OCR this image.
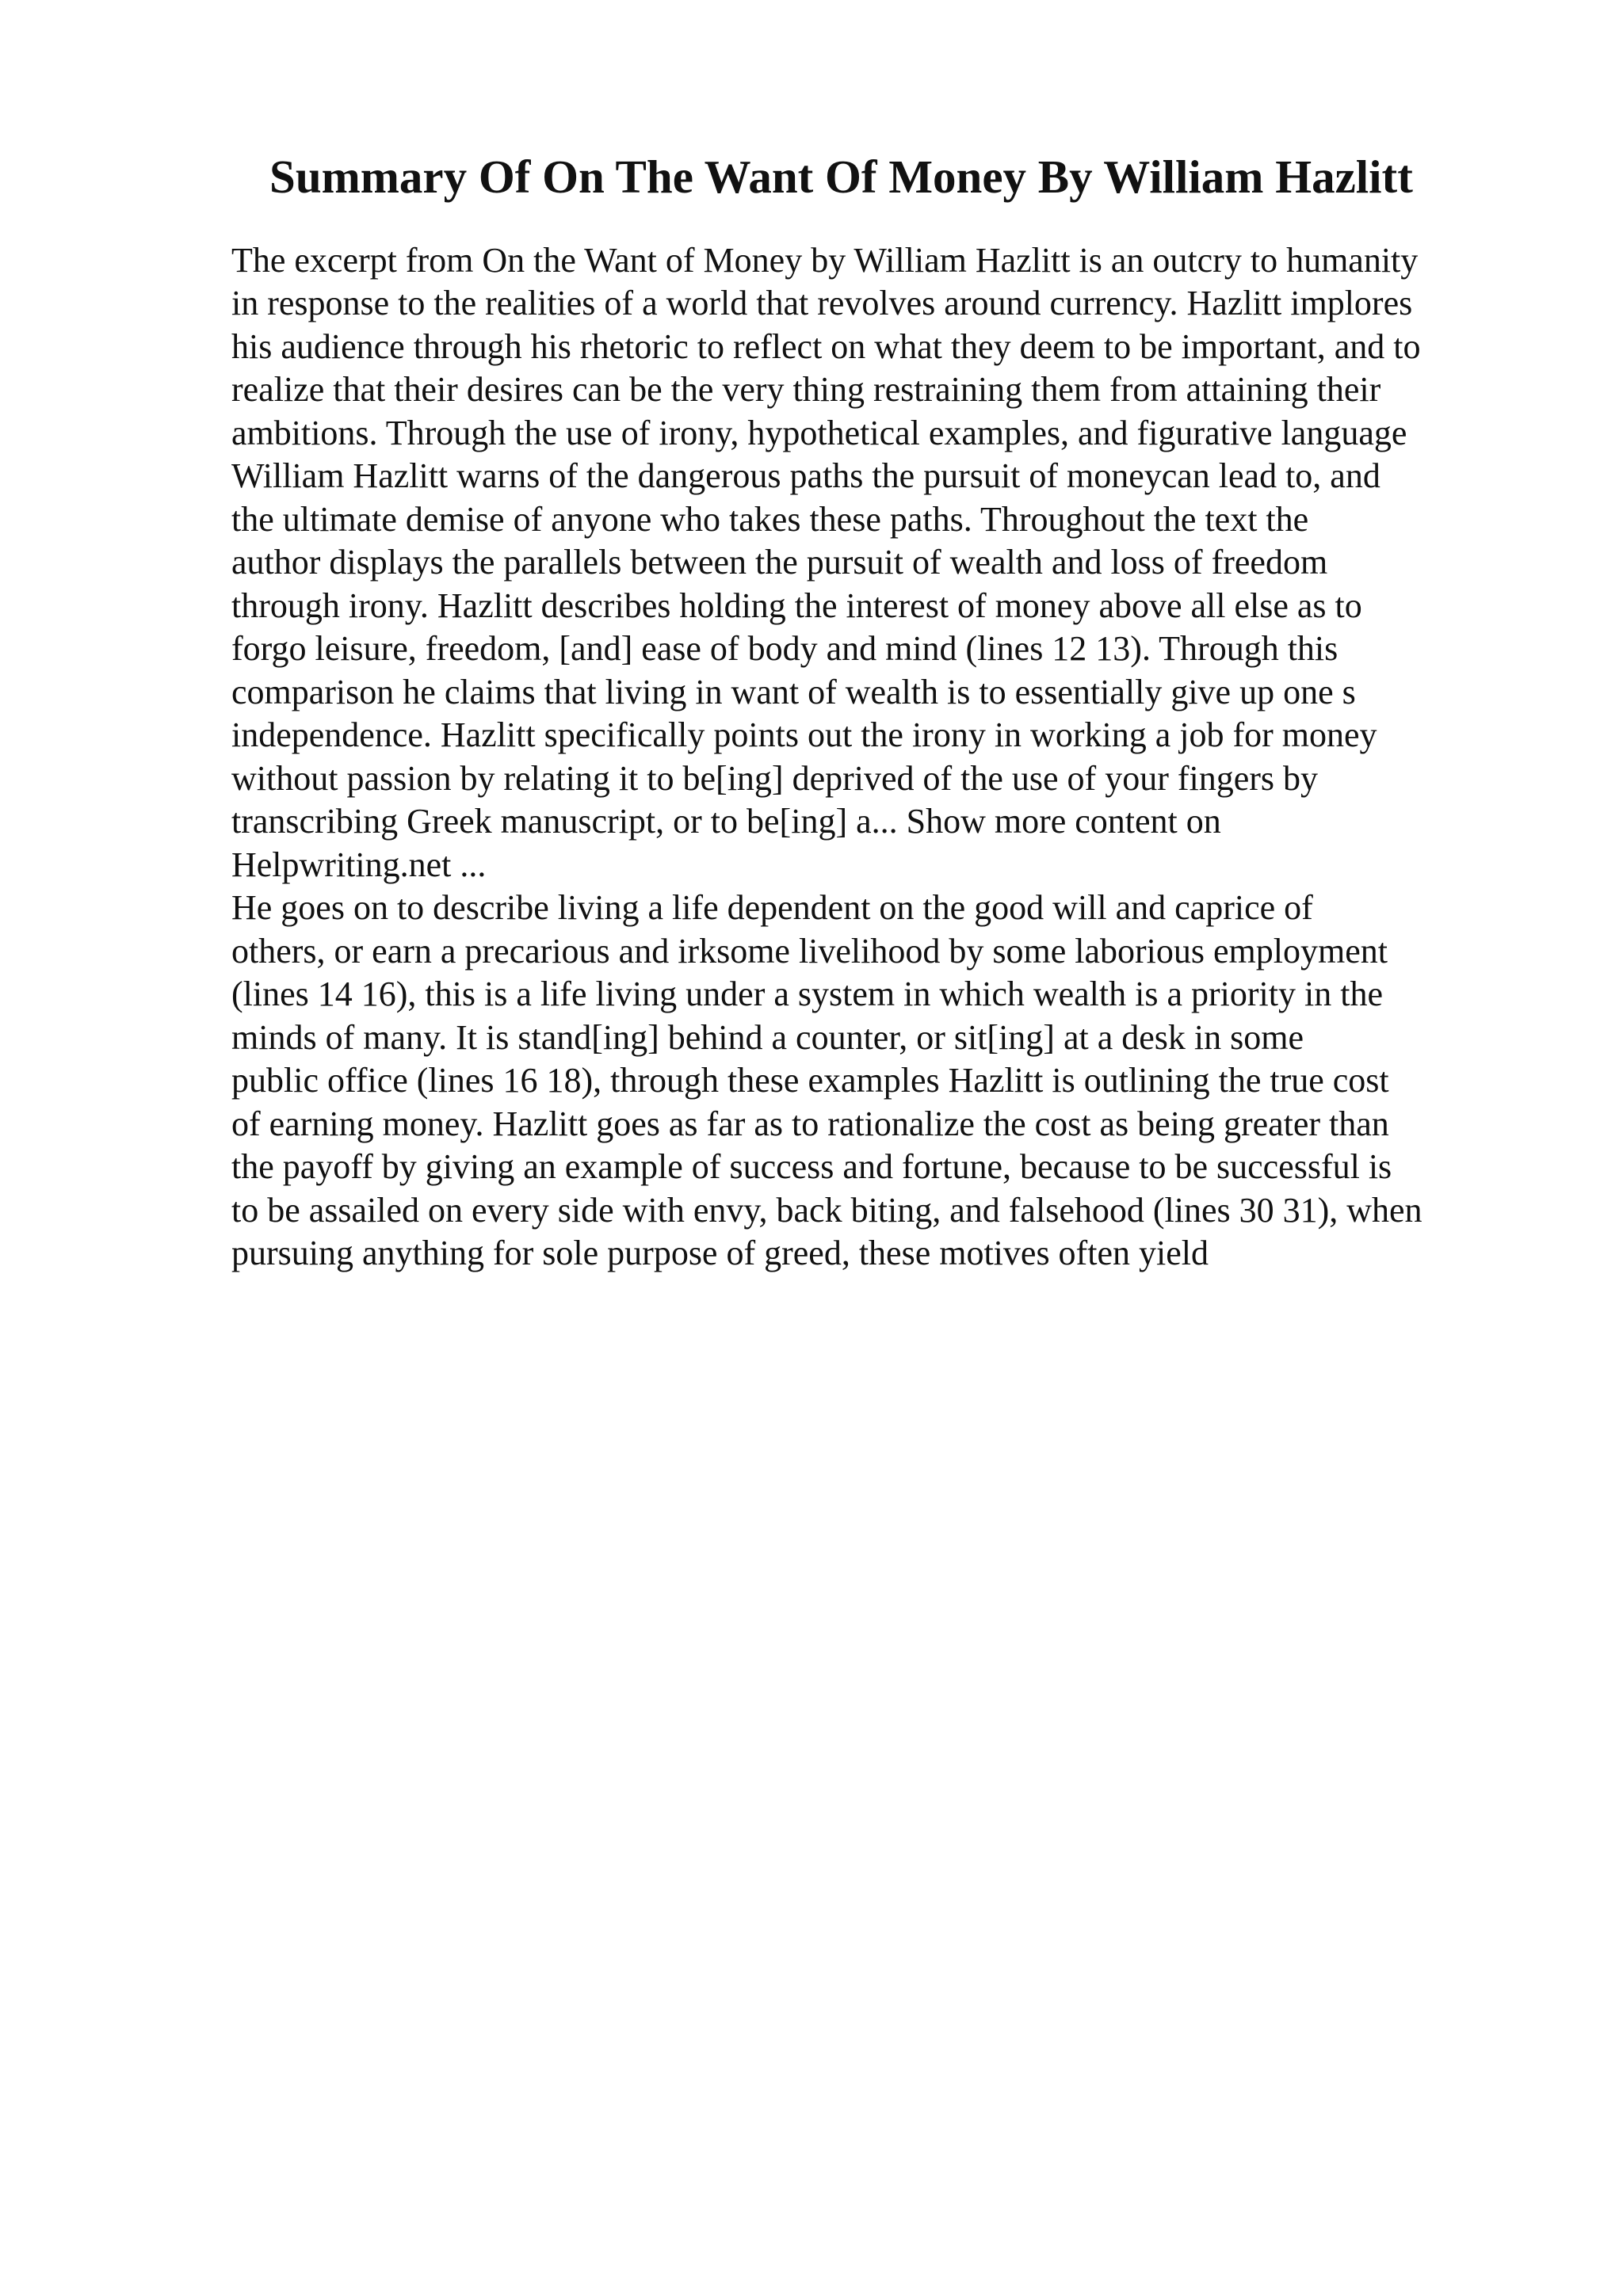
Summary Of On The Want Of Money By William Hazlitt

The excerpt from On the Want of Money by William Hazlitt is an outcry to humanity
in response to the realities of a world that revolves around currency. Hazlitt implores
his audience through his rhetoric to reflect on what they deem to be important, and to
realize that their desires can be the very thing restraining them from attaining their
ambitions. Through the use of irony, hypothetical examples, and figurative language
William Hazlitt warns of the dangerous paths the pursuit of moneycan lead to, and
the ultimate demise of anyone who takes these paths. Throughout the text the
author displays the parallels between the pursuit of wealth and loss of freedom
through irony. Hazlitt describes holding the interest of money above all else as to
forgo leisure, freedom, [and] ease of body and mind (lines 12 13). Through this
comparison he claims that living in want of wealth is to essentially give up one s
independence. Hazlitt specifically points out the irony in working a job for money
without passion by relating it to be[ing] deprived of the use of your fingers by
transcribing Greek manuscript, or to be[ing] a... Show more content on
Helpwriting.net ...

He goes on to describe living a life dependent on the good will and caprice of
others, or earn a precarious and irksome livelihood by some laborious employment
(lines 14 16), this is a life living under a system in which wealth is a priority in the
minds of many. It is stand[ing] behind a counter, or sit[ing] at a desk in some
public office (lines 16 18), through these examples Hazlitt is outlining the true cost
of earning money. Hazlitt goes as far as to rationalize the cost as being greater than
the payoff by giving an example of success and fortune, because to be successful is
to be assailed on every side with envy, back biting, and falsehood (lines 30 31), when
pursuing anything for sole purpose of greed, these motives often yield
